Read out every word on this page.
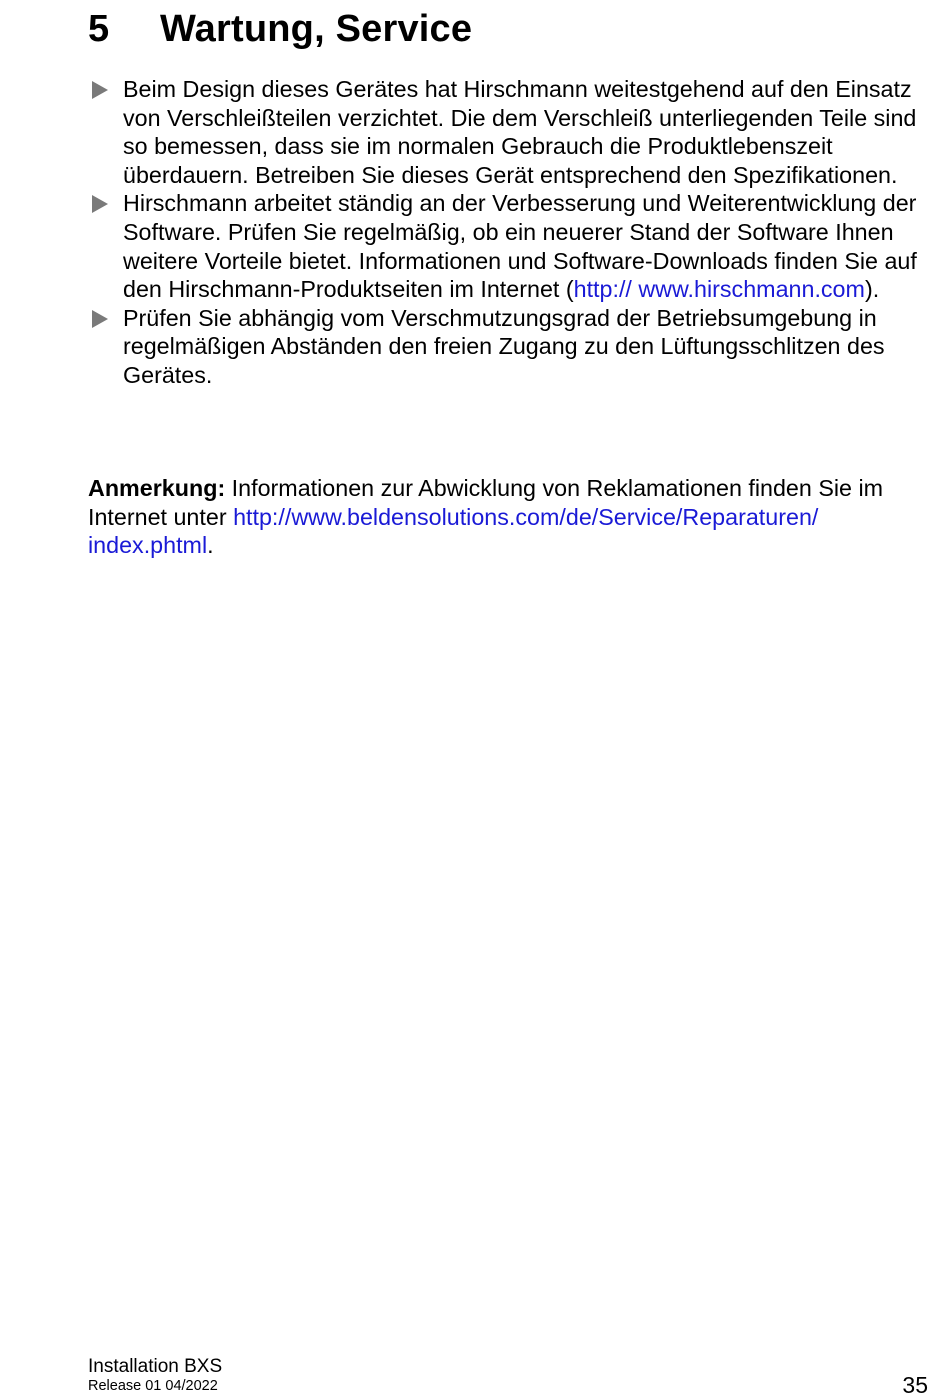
5 Wartung, Service
Beim Design dieses Gerätes hat Hirschmann weitestgehend auf den Einsatz von Verschleißteilen verzichtet. Die dem Verschleiß unterliegenden Teile sind so bemessen, dass sie im normalen Gebrauch die Produktlebenszeit überdauern. Betreiben Sie dieses Gerät entsprechend den Spezifikationen.
Hirschmann arbeitet ständig an der Verbesserung und Weiterentwicklung der Software. Prüfen Sie regelmäßig, ob ein neuerer Stand der Software Ihnen weitere Vorteile bietet. Informationen und Software-Downloads finden Sie auf den Hirschmann-Produktseiten im Internet (http:// www.hirschmann.com).
Prüfen Sie abhängig vom Verschmutzungsgrad der Betriebsumgebung in regelmäßigen Abständen den freien Zugang zu den Lüftungsschlitzen des Gerätes.

Anmerkung: Informationen zur Abwicklung von Reklamationen finden Sie im Internet unter http://www.beldensolutions.com/de/Service/Reparaturen/ index.phtml.

Installation BXS
Release 01 04/2022	35
